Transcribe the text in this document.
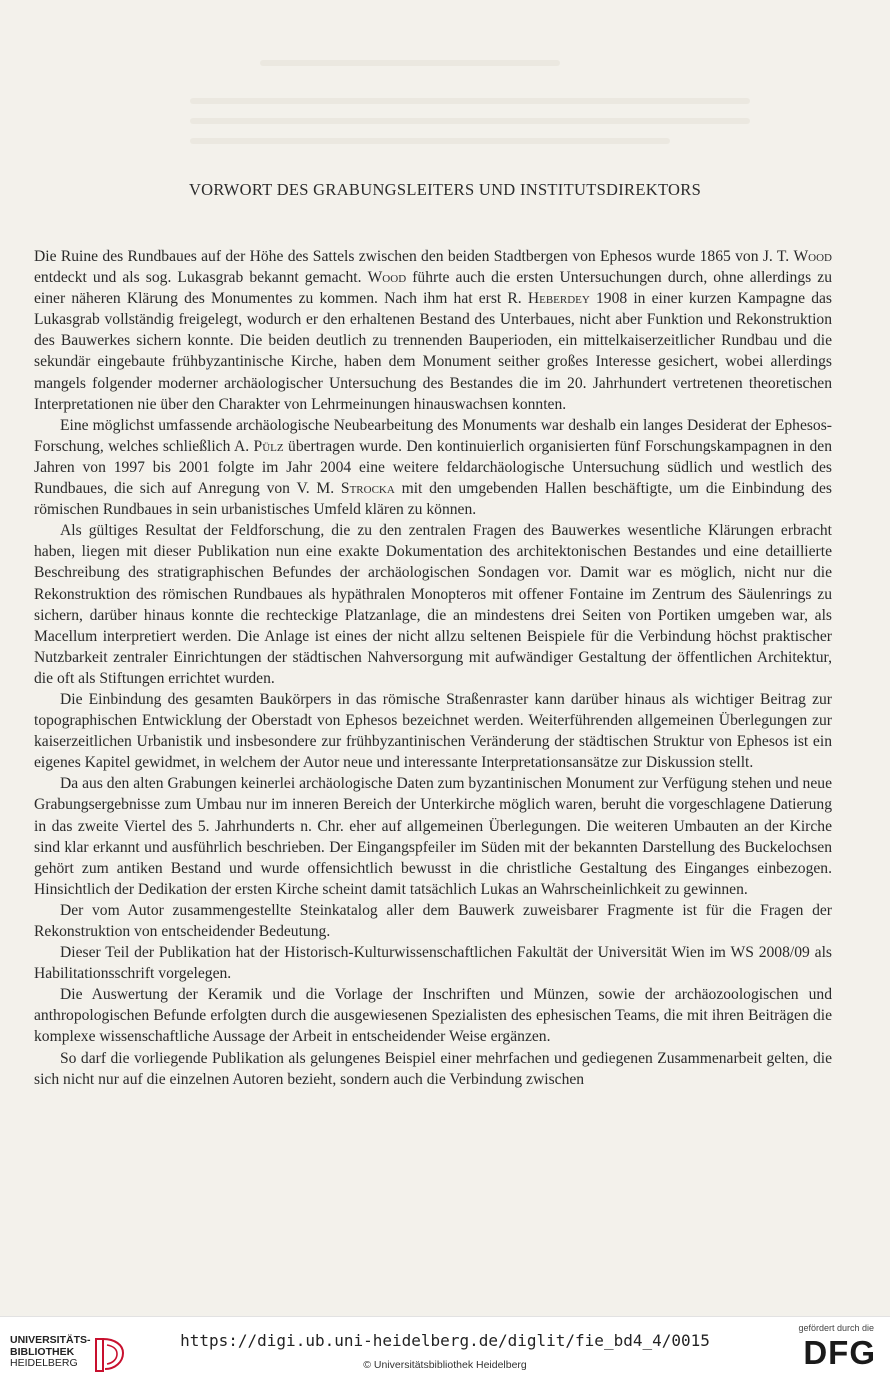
VORWORT DES GRABUNGSLEITERS UND INSTITUTSDIREKTORS

Die Ruine des Rundbaues auf der Höhe des Sattels zwischen den beiden Stadtbergen von Ephesos wurde 1865 von J. T. Wood entdeckt und als sog. Lukasgrab bekannt gemacht. Wood führte auch die ersten Untersuchungen durch, ohne allerdings zu einer näheren Klärung des Monumentes zu kommen. Nach ihm hat erst R. Heberdey 1908 in einer kurzen Kampagne das Lukasgrab vollständig freigelegt, wodurch er den erhaltenen Bestand des Unterbaues, nicht aber Funktion und Rekonstruktion des Bauwerkes sichern konnte. Die beiden deutlich zu trennenden Bauperioden, ein mittelkaiserzeitlicher Rundbau und die sekundär eingebaute frühbyzantinische Kirche, haben dem Monument seither großes Interesse gesichert, wobei allerdings mangels folgender moderner archäologischer Untersuchung des Bestandes die im 20. Jahrhundert vertretenen theoretischen Interpretationen nie über den Charakter von Lehrmeinungen hinauswachsen konnten.

Eine möglichst umfassende archäologische Neubearbeitung des Monuments war deshalb ein langes Desiderat der Ephesos-Forschung, welches schließlich A. Pülz übertragen wurde. Den kontinuierlich organisierten fünf Forschungskampagnen in den Jahren von 1997 bis 2001 folgte im Jahr 2004 eine weitere feldarchäologische Untersuchung südlich und westlich des Rundbaues, die sich auf Anregung von V. M. Strocka mit den umgebenden Hallen beschäftigte, um die Einbindung des römischen Rundbaues in sein urbanistisches Umfeld klären zu können.

Als gültiges Resultat der Feldforschung, die zu den zentralen Fragen des Bauwerkes wesentliche Klärungen erbracht haben, liegen mit dieser Publikation nun eine exakte Dokumentation des architektonischen Bestandes und eine detaillierte Beschreibung des stratigraphischen Befundes der archäologischen Sondagen vor. Damit war es möglich, nicht nur die Rekonstruktion des römischen Rundbaues als hypäthralen Monopteros mit offener Fontaine im Zentrum des Säulenrings zu sichern, darüber hinaus konnte die rechteckige Platzanlage, die an mindestens drei Seiten von Portiken umgeben war, als Macellum interpretiert werden. Die Anlage ist eines der nicht allzu seltenen Beispiele für die Verbindung höchst praktischer Nutzbarkeit zentraler Einrichtungen der städtischen Nahversorgung mit aufwändiger Gestaltung der öffentlichen Architektur, die oft als Stiftungen errichtet wurden.

Die Einbindung des gesamten Baukörpers in das römische Straßenraster kann darüber hinaus als wichtiger Beitrag zur topographischen Entwicklung der Oberstadt von Ephesos bezeichnet werden. Weiterführenden allgemeinen Überlegungen zur kaiserzeitlichen Urbanistik und insbesondere zur frühbyzantinischen Veränderung der städtischen Struktur von Ephesos ist ein eigenes Kapitel gewidmet, in welchem der Autor neue und interessante Interpretationsansätze zur Diskussion stellt.

Da aus den alten Grabungen keinerlei archäologische Daten zum byzantinischen Monument zur Verfügung stehen und neue Grabungsergebnisse zum Umbau nur im inneren Bereich der Unterkirche möglich waren, beruht die vorgeschlagene Datierung in das zweite Viertel des 5. Jahrhunderts n. Chr. eher auf allgemeinen Überlegungen. Die weiteren Umbauten an der Kirche sind klar erkannt und ausführlich beschrieben. Der Eingangspfeiler im Süden mit der bekannten Darstellung des Buckelochsen gehört zum antiken Bestand und wurde offensichtlich bewusst in die christliche Gestaltung des Einganges einbezogen. Hinsichtlich der Dedikation der ersten Kirche scheint damit tatsächlich Lukas an Wahrscheinlichkeit zu gewinnen.

Der vom Autor zusammengestellte Steinkatalog aller dem Bauwerk zuweisbarer Fragmente ist für die Fragen der Rekonstruktion von entscheidender Bedeutung.

Dieser Teil der Publikation hat der Historisch-Kulturwissenschaftlichen Fakultät der Universität Wien im WS 2008/09 als Habilitationsschrift vorgelegen.

Die Auswertung der Keramik und die Vorlage der Inschriften und Münzen, sowie der archäozoologischen und anthropologischen Befunde erfolgten durch die ausgewiesenen Spezialisten des ephesischen Teams, die mit ihren Beiträgen die komplexe wissenschaftliche Aussage der Arbeit in entscheidender Weise ergänzen.

So darf die vorliegende Publikation als gelungenes Beispiel einer mehrfachen und gediegenen Zusammenarbeit gelten, die sich nicht nur auf die einzelnen Autoren bezieht, sondern auch die Verbindung zwischen

UNIVERSITÄTS-
BIBLIOTHEK
HEIDELBERG
https://digi.ub.uni-heidelberg.de/diglit/fie_bd4_4/0015
© Universitätsbibliothek Heidelberg
gefördert durch die
DFG
